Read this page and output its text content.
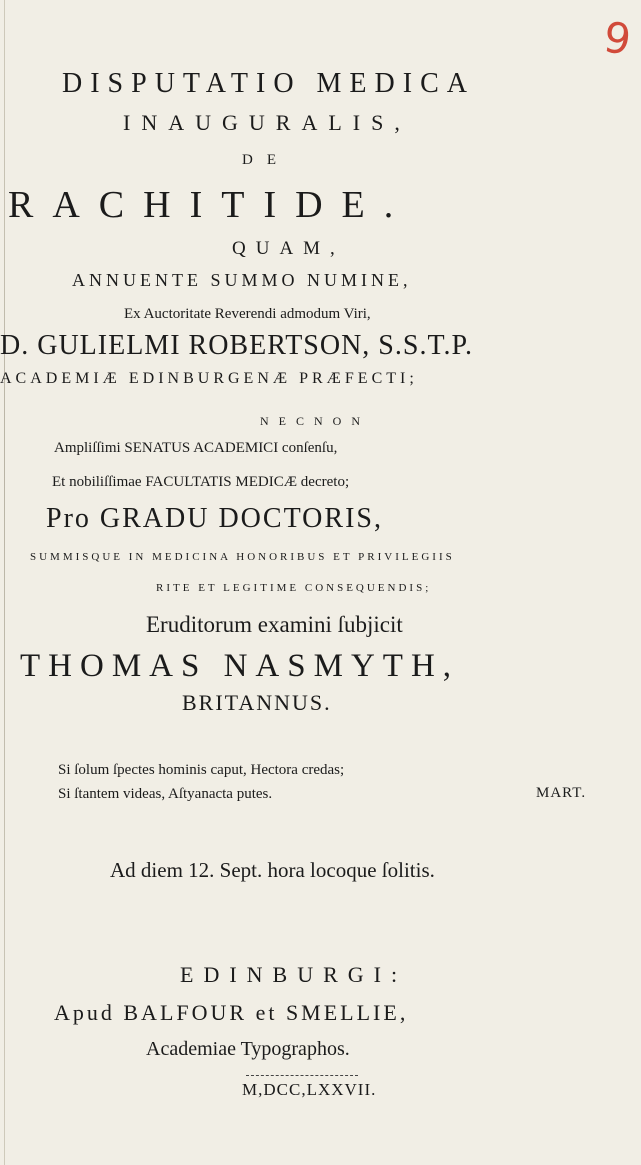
9
DISPUTATIO MEDICA
INAUGURALIS,
DE
RACHITIDE.
QUAM,
ANNUENTE SUMMO NUMINE,
Ex Auctoritate Reverendi admodum Viri,
D. GULIELMI ROBERTSON, S.S.T.P.
ACADEMIÆ EDINBURGENÆ PRÆFECTI;
NECNON
Ampliſſimi SENATUS ACADEMICI conſenſu,
Et nobiliſſimae FACULTATIS MEDICÆ decreto;
Pro GRADU DOCTORIS,
SUMMISQUE IN MEDICINA HONORIBUS ET PRIVILEGIIS
RITE ET LEGITIME CONSEQUENDIS;
Eruditorum examini ſubjicit
THOMAS NASMYTH,
BRITANNUS.
Si ſolum ſpectes hominis caput, Hectora credas;
Si ſtantem videas, Aſtyanacta putes.	MART.
Ad diem 12. Sept. hora locoque ſolitis.
EDINBURGI:
Apud BALFOUR et SMELLIE,
Academiae Typographos.
M,DCC,LXXVII.
